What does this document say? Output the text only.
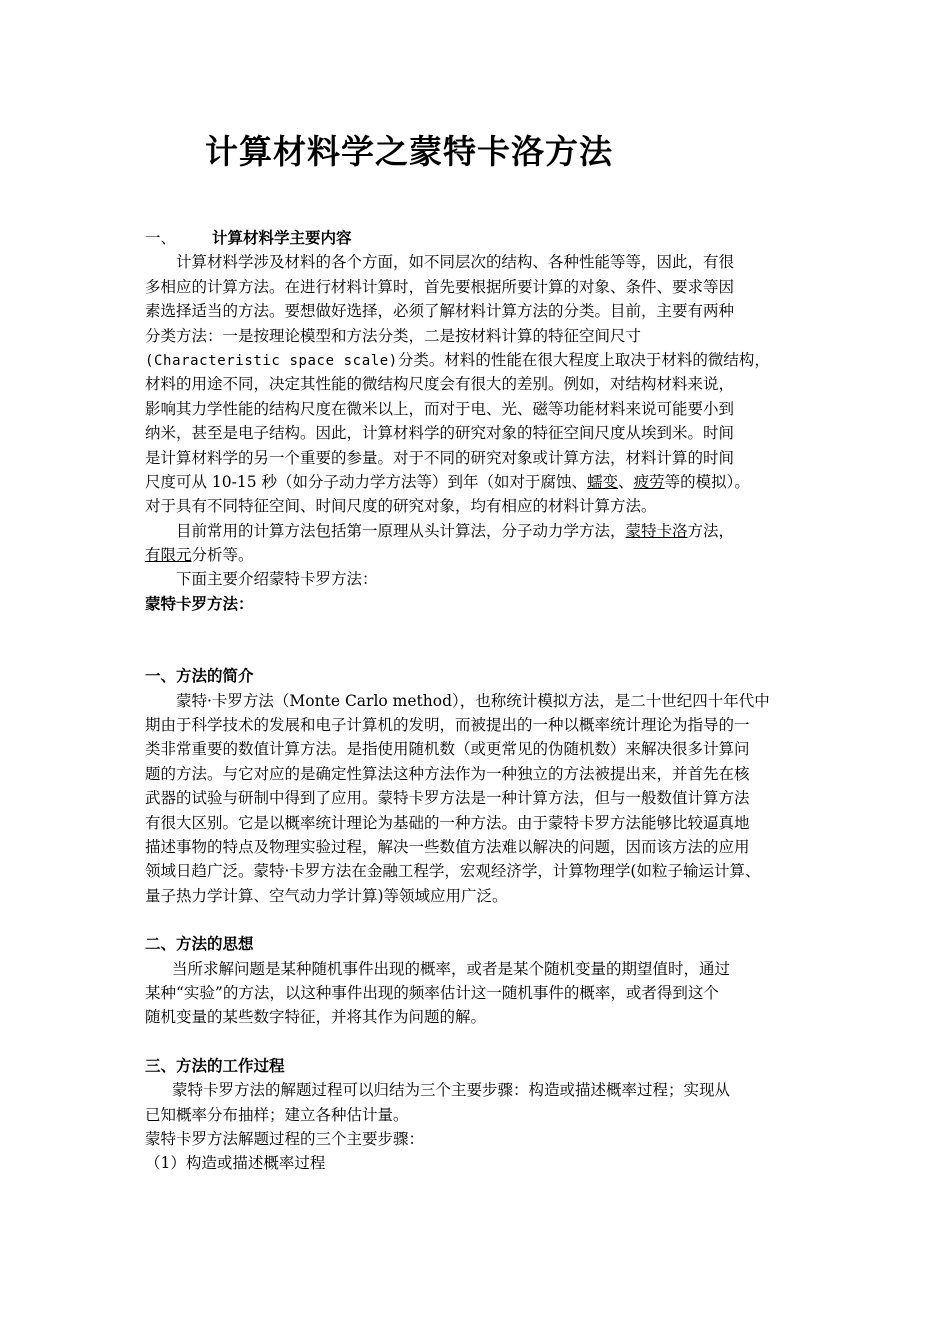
计算材料学之蒙特卡洛方法
一、 计算材料学主要内容
计算材料学涉及材料的各个方面，如不同层次的结构、各种性能等等，因此，有很
多相应的计算方法。在进行材料计算时，首先要根据所要计算的对象、条件、要求等因
素选择适当的方法。要想做好选择，必须了解材料计算方法的分类。目前，主要有两种
分类方法：一是按理论模型和方法分类，二是按材料计算的特征空间尺寸
(Characteristic space scale)分类。材料的性能在很大程度上取决于材料的微结构，
材料的用途不同，决定其性能的微结构尺度会有很大的差别。例如，对结构材料来说，
影响其力学性能的结构尺度在微米以上，而对于电、光、磁等功能材料来说可能要小到
纳米，甚至是电子结构。因此，计算材料学的研究对象的特征空间尺度从埃到米。时间
是计算材料学的另一个重要的参量。对于不同的研究对象或计算方法，材料计算的时间
尺度可从 10-15 秒（如分子动力学方法等）到年（如对于腐蚀、蠕变、疲劳等的模拟）。
对于具有不同特征空间、时间尺度的研究对象，均有相应的材料计算方法。
目前常用的计算方法包括第一原理从头计算法，分子动力学方法，蒙特卡洛方法，
有限元分析等。
下面主要介绍蒙特卡罗方法：
蒙特卡罗方法：
一、方法的简介
蒙特·卡罗方法（Monte Carlo method），也称统计模拟方法，是二十世纪四十年代中
期由于科学技术的发展和电子计算机的发明，而被提出的一种以概率统计理论为指导的一
类非常重要的数值计算方法。是指使用随机数（或更常见的伪随机数）来解决很多计算问
题的方法。与它对应的是确定性算法这种方法作为一种独立的方法被提出来，并首先在核
武器的试验与研制中得到了应用。蒙特卡罗方法是一种计算方法，但与一般数值计算方法
有很大区别。它是以概率统计理论为基础的一种方法。由于蒙特卡罗方法能够比较逼真地
描述事物的特点及物理实验过程，解决一些数值方法难以解决的问题，因而该方法的应用
领域日趋广泛。蒙特·卡罗方法在金融工程学，宏观经济学，计算物理学(如粒子输运计算、
量子热力学计算、空气动力学计算)等领域应用广泛。
二、方法的思想
当所求解问题是某种随机事件出现的概率，或者是某个随机变量的期望值时，通过
某种“实验”的方法，以这种事件出现的频率估计这一随机事件的概率，或者得到这个
随机变量的某些数字特征，并将其作为问题的解。
三、方法的工作过程
蒙特卡罗方法的解题过程可以归结为三个主要步骤：构造或描述概率过程；实现从
已知概率分布抽样；建立各种估计量。
蒙特卡罗方法解题过程的三个主要步骤：
（1）构造或描述概率过程
